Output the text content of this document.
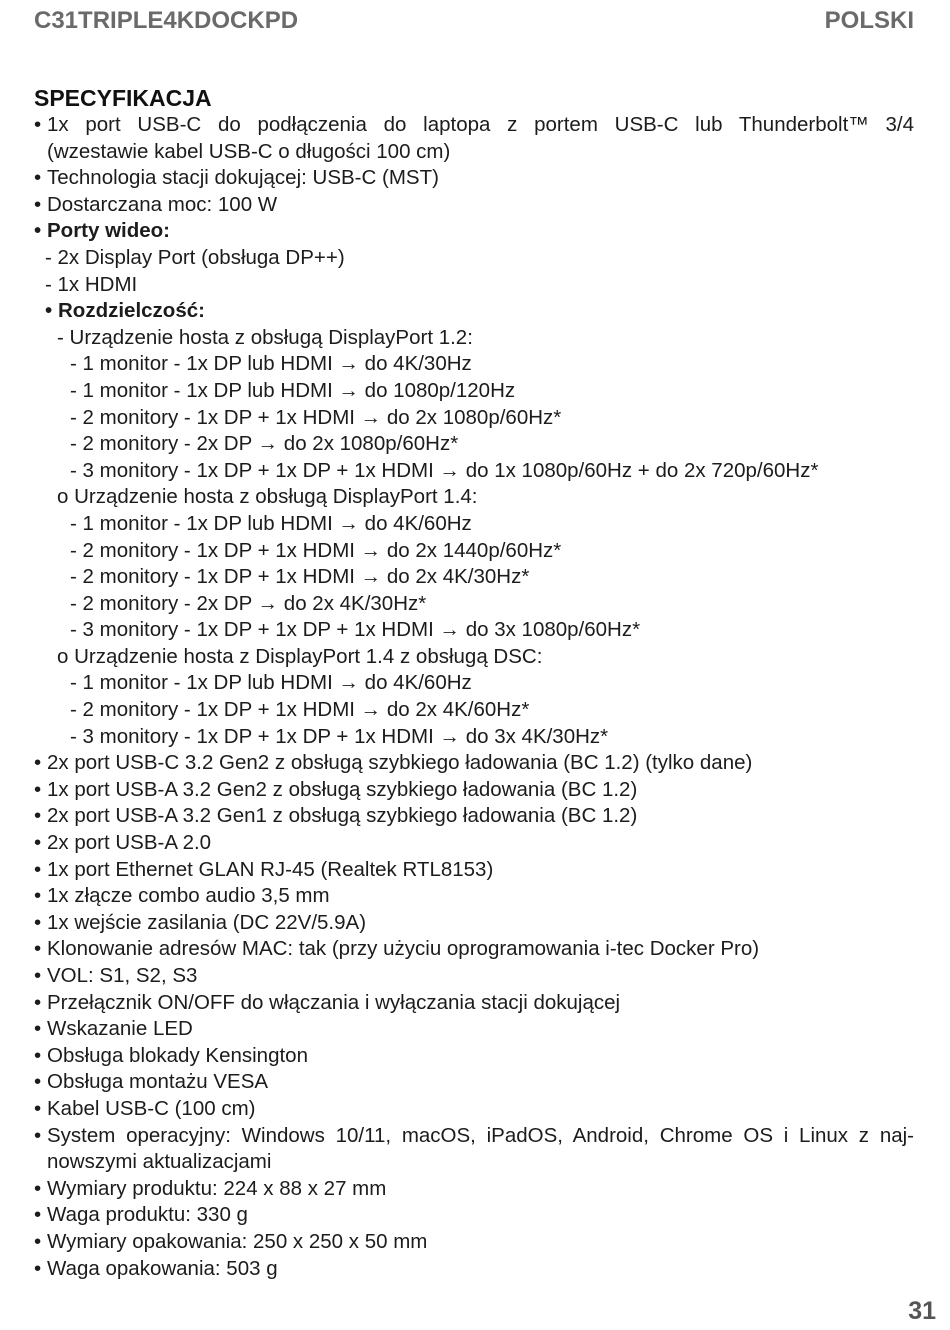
C31TRIPLE4KDOCKPD	POLSKI
SPECYFIKACJA
• 1x port USB-C do podłączenia do laptopa z portem USB-C lub Thunderbolt™ 3/4
(wzestawie kabel USB-C o długości 100 cm)
• Technologia stacji dokującej: USB-C (MST)
• Dostarczana moc: 100 W
• Porty wideo:
- 2x Display Port (obsługa DP++)
- 1x HDMI
• Rozdzielczość:
- Urządzenie hosta z obsługą DisplayPort 1.2:
- 1 monitor - 1x DP lub HDMI → do 4K/30Hz
- 1 monitor - 1x DP lub HDMI → do 1080p/120Hz
- 2 monitory - 1x DP + 1x HDMI → do 2x 1080p/60Hz*
- 2 monitory - 2x DP → do 2x 1080p/60Hz*
- 3 monitory - 1x DP + 1x DP + 1x HDMI → do 1x 1080p/60Hz + do 2x 720p/60Hz*
o Urządzenie hosta z obsługą DisplayPort 1.4:
- 1 monitor - 1x DP lub HDMI → do 4K/60Hz
- 2 monitory - 1x DP + 1x HDMI → do 2x 1440p/60Hz*
- 2 monitory - 1x DP + 1x HDMI → do 2x 4K/30Hz*
- 2 monitory - 2x DP → do 2x 4K/30Hz*
- 3 monitory - 1x DP + 1x DP + 1x HDMI → do 3x 1080p/60Hz*
o Urządzenie hosta z DisplayPort 1.4 z obsługą DSC:
- 1 monitor - 1x DP lub HDMI → do 4K/60Hz
- 2 monitory - 1x DP + 1x HDMI → do 2x 4K/60Hz*
- 3 monitory - 1x DP + 1x DP + 1x HDMI → do 3x 4K/30Hz*
• 2x port USB-C 3.2 Gen2 z obsługą szybkiego ładowania (BC 1.2) (tylko dane)
• 1x port USB-A 3.2 Gen2 z obsługą szybkiego ładowania (BC 1.2)
• 2x port USB-A 3.2 Gen1 z obsługą szybkiego ładowania (BC 1.2)
• 2x port USB-A 2.0
• 1x port Ethernet GLAN RJ-45 (Realtek RTL8153)
• 1x złącze combo audio 3,5 mm
• 1x wejście zasilania (DC 22V/5.9A)
• Klonowanie adresów MAC: tak (przy użyciu oprogramowania i-tec Docker Pro)
• VOL: S1, S2, S3
• Przełącznik ON/OFF do włączania i wyłączania stacji dokującej
• Wskazanie LED
• Obsługa blokady Kensington
• Obsługa montażu VESA
• Kabel USB-C (100 cm)
• System operacyjny: Windows 10/11, macOS, iPadOS, Android, Chrome OS i Linux z naj-
nowszymi aktualizacjami
• Wymiary produktu: 224 x 88 x 27 mm
• Waga produktu: 330 g
• Wymiary opakowania: 250 x 250 x 50 mm
• Waga opakowania: 503 g
31
